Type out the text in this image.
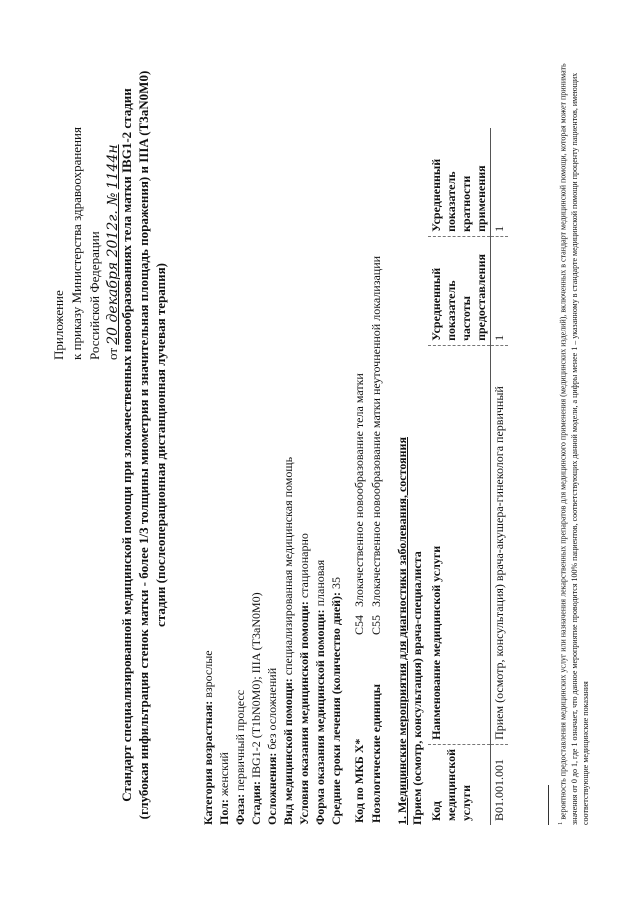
Приложение к приказу Министерства здравоохранения Российской Федерации от 20 декабря 2012г. № 1144н
Стандарт специализированной медицинской помощи при злокачественных новообразованиях тела матки IBG1-2 стадии (глубокая инфильтрация стенок матки - более 1/3 толщины миометрия и значительная площадь поражения) и IIIA (T3aN0M0) стадии (послеоперационная дистанционная лучевая терапия)
Категория возрастная: взрослые
Пол: женский
Фаза: первичный процесс
Стадия: IBG1-2 (T1bN0M0); IIIA (T3aN0M0)
Осложнения: без осложнений Вид медицинской помощи: специализированная медицинская помощь
Условия оказания медицинской помощи: стационарно
Форма оказания медицинской помощи: плановая
Средние сроки лечения (количество дней): 35
Код по МКБ X*	C54	Злокачественное новообразование тела матки
Нозологические единицы	C55	Злокачественное новообразование матки неуточненной локализации
1. Медицинские мероприятия для диагностики заболевания, состояния Прием (осмотр, консультация) врача-специалиста Код медицинской услуги	Наименование медицинской услуги	Усредненный показатель частоты предоставления	Усредненный показатель кратности применения
B01.001.001	Прием (осмотр, консультация) врача-акушера-гинеколога первичный	1	1
$^1$ вероятность предоставления медицинских услуг или назначения лекарственных препаратов для медицинского применения (медицинских изделий), включенных в стандарт медицинской помощи, которая может принимать значения от 0 до 1, где 1 означает, что данное мероприятие проводится 100% пациентов, соответствующих данной модели, а цифры менее 1 – указанному в стандарте медицинской помощи проценту пациентов, имеющих соответствующие медицинские показания
